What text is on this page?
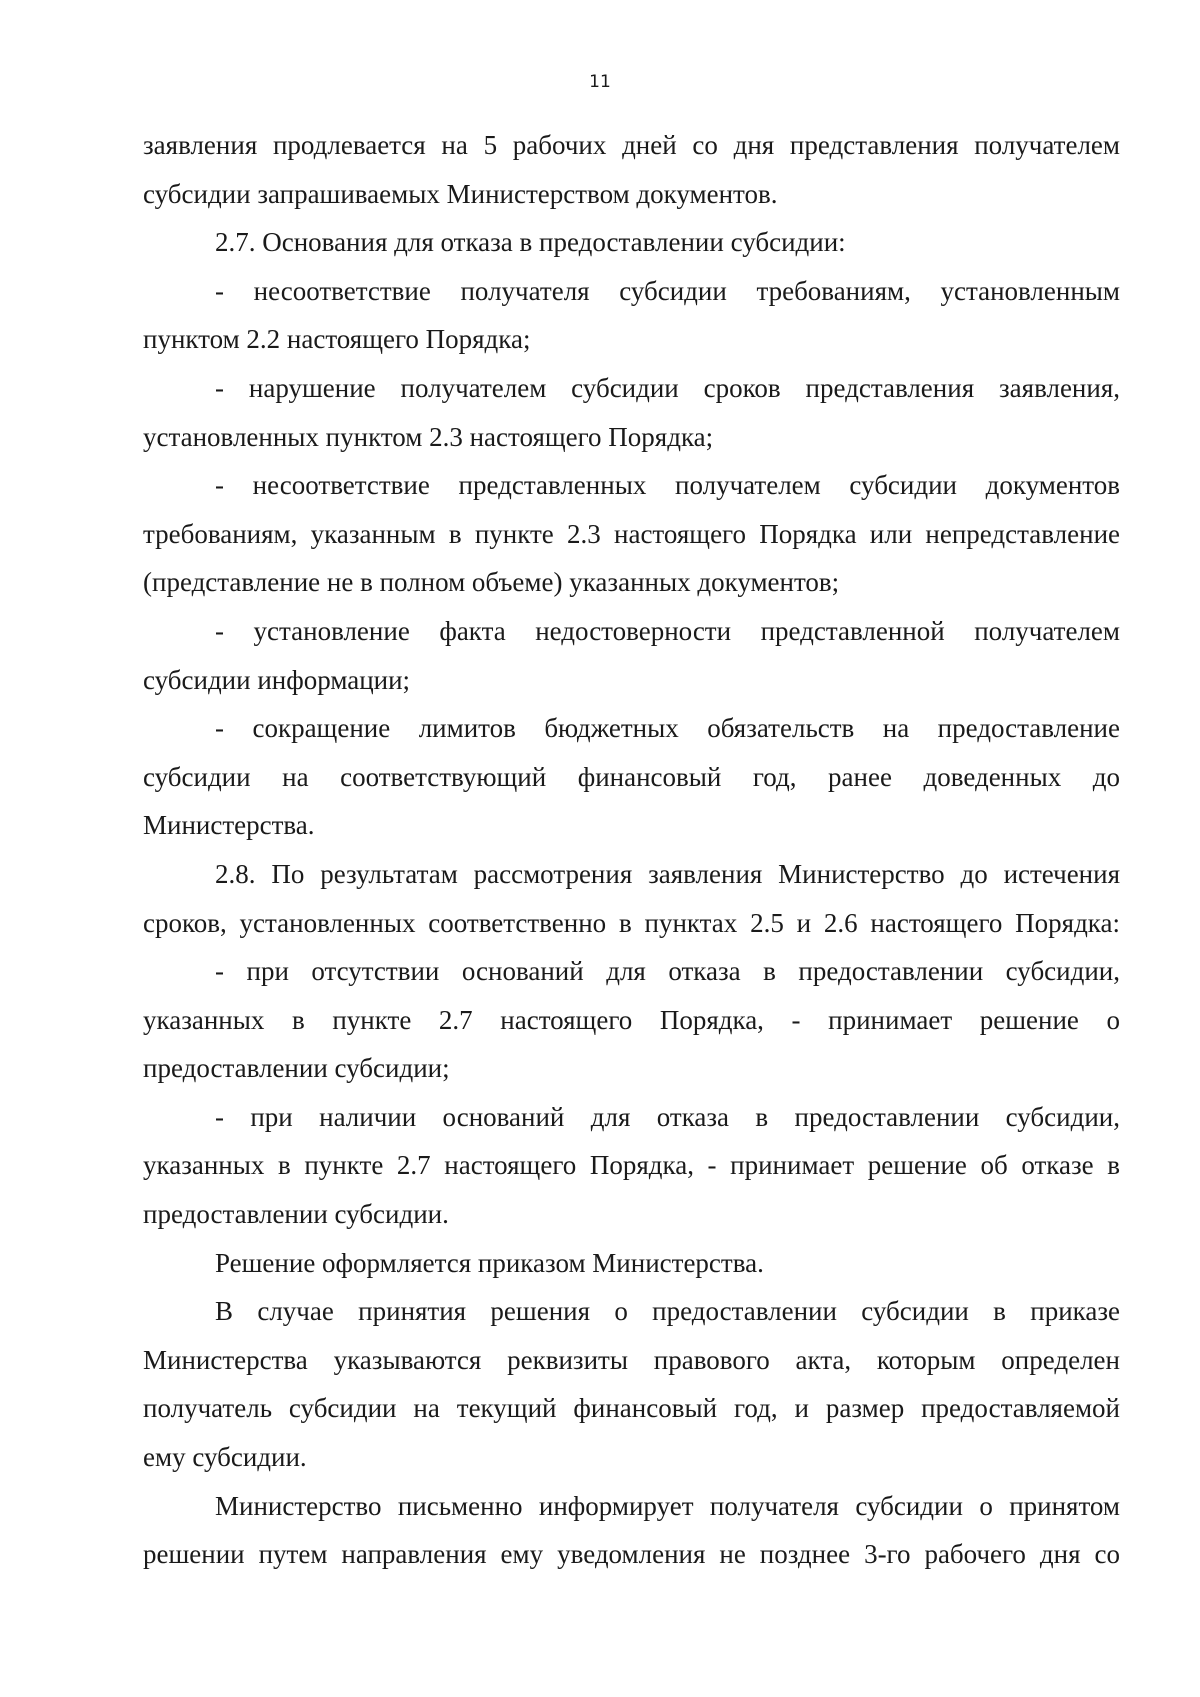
11
заявления продлевается на 5 рабочих дней со дня представления получателем
субсидии запрашиваемых Министерством документов.
2.7. Основания для отказа в предоставлении субсидии:
- несоответствие получателя субсидии требованиям, установленным
пунктом 2.2 настоящего Порядка;
- нарушение получателем субсидии сроков представления заявления,
установленных пунктом 2.3 настоящего Порядка;
- несоответствие представленных получателем субсидии документов
требованиям, указанным в пункте 2.3 настоящего Порядка или непредставление
(представление не в полном объеме) указанных документов;
- установление факта недостоверности представленной получателем
субсидии информации;
- сокращение лимитов бюджетных обязательств на предоставление
субсидии на соответствующий финансовый год, ранее доведенных до
Министерства.
2.8. По результатам рассмотрения заявления Министерство до истечения
сроков, установленных соответственно в пунктах 2.5 и 2.6 настоящего Порядка:
- при отсутствии оснований для отказа в предоставлении субсидии,
указанных в пункте 2.7 настоящего Порядка, - принимает решение о
предоставлении субсидии;
- при наличии оснований для отказа в предоставлении субсидии,
указанных в пункте 2.7 настоящего Порядка, - принимает решение об отказе в
предоставлении субсидии.
Решение оформляется приказом Министерства.
В случае принятия решения о предоставлении субсидии в приказе
Министерства указываются реквизиты правового акта, которым определен
получатель субсидии на текущий финансовый год, и размер предоставляемой
ему субсидии.
Министерство письменно информирует получателя субсидии о принятом
решении путем направления ему уведомления не позднее 3-го рабочего дня со
